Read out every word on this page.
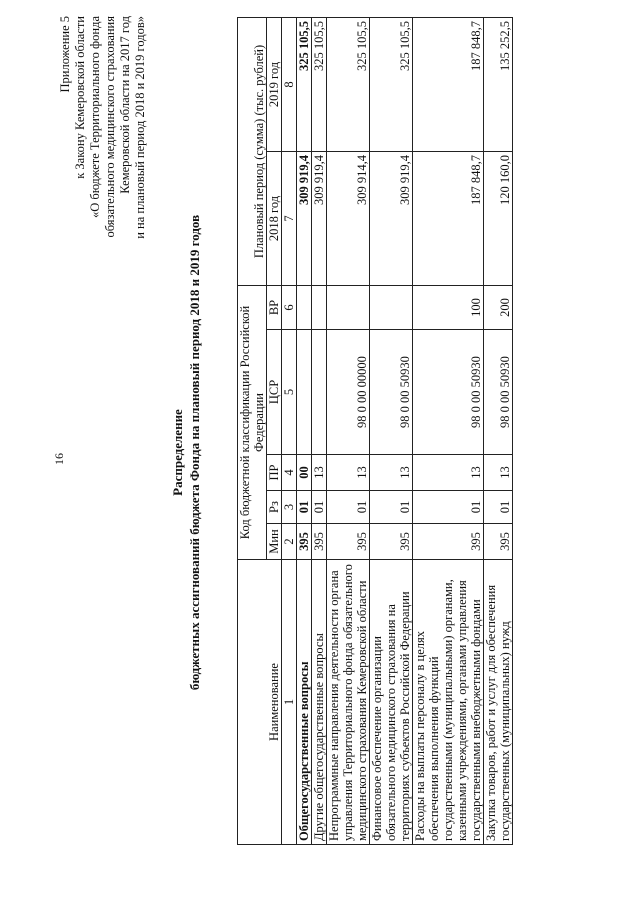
16
Приложение 5 к Закону Кемеровской области «О бюджете Территориального фонда обязательного медицинского страхования Кемеровской области на 2017 год и на плановый период 2018 и 2019 годов»
Распределение бюджетных ассигнований бюджета Фонда на плановый период 2018 и 2019 годов
Наименование	Код бюджетной классификации Российской Федерации					Плановый период (сумма) (тыс. рублей)	
	Мин	Рз	ПР	ЦСР	ВР	2018 год	2019 год
1	2	3	4	5	6	7	8
Общегосударственные вопросы	395	01	00			309 919,4	325 105,5
Другие общегосударственные вопросы	395	01	13			309 919,4	325 105,5
Непрограммные направления деятельности органа управления Территориального фонда обязательного медицинского страхования Кемеровской области	395	01	13	98 0 00 00000		309 914,4	325 105,5
Финансовое обеспечение организации обязательного медицинского страхования на территориях субъектов Российской Федерации	395	01	13	98 0 00 50930		309 919,4	325 105,5
Расходы на выплаты персоналу в целях обеспечения выполнения функций государственными (муниципальными) органами, казенными учреждениями, органами управления государственными внебюджетными фондами	395	01	13	98 0 00 50930	100	187 848,7	187 848,7
Закупка товаров, работ и услуг для обеспечения государственных (муниципальных) нужд	395	01	13	98 0 00 50930	200	120 160,0	135 252,5
